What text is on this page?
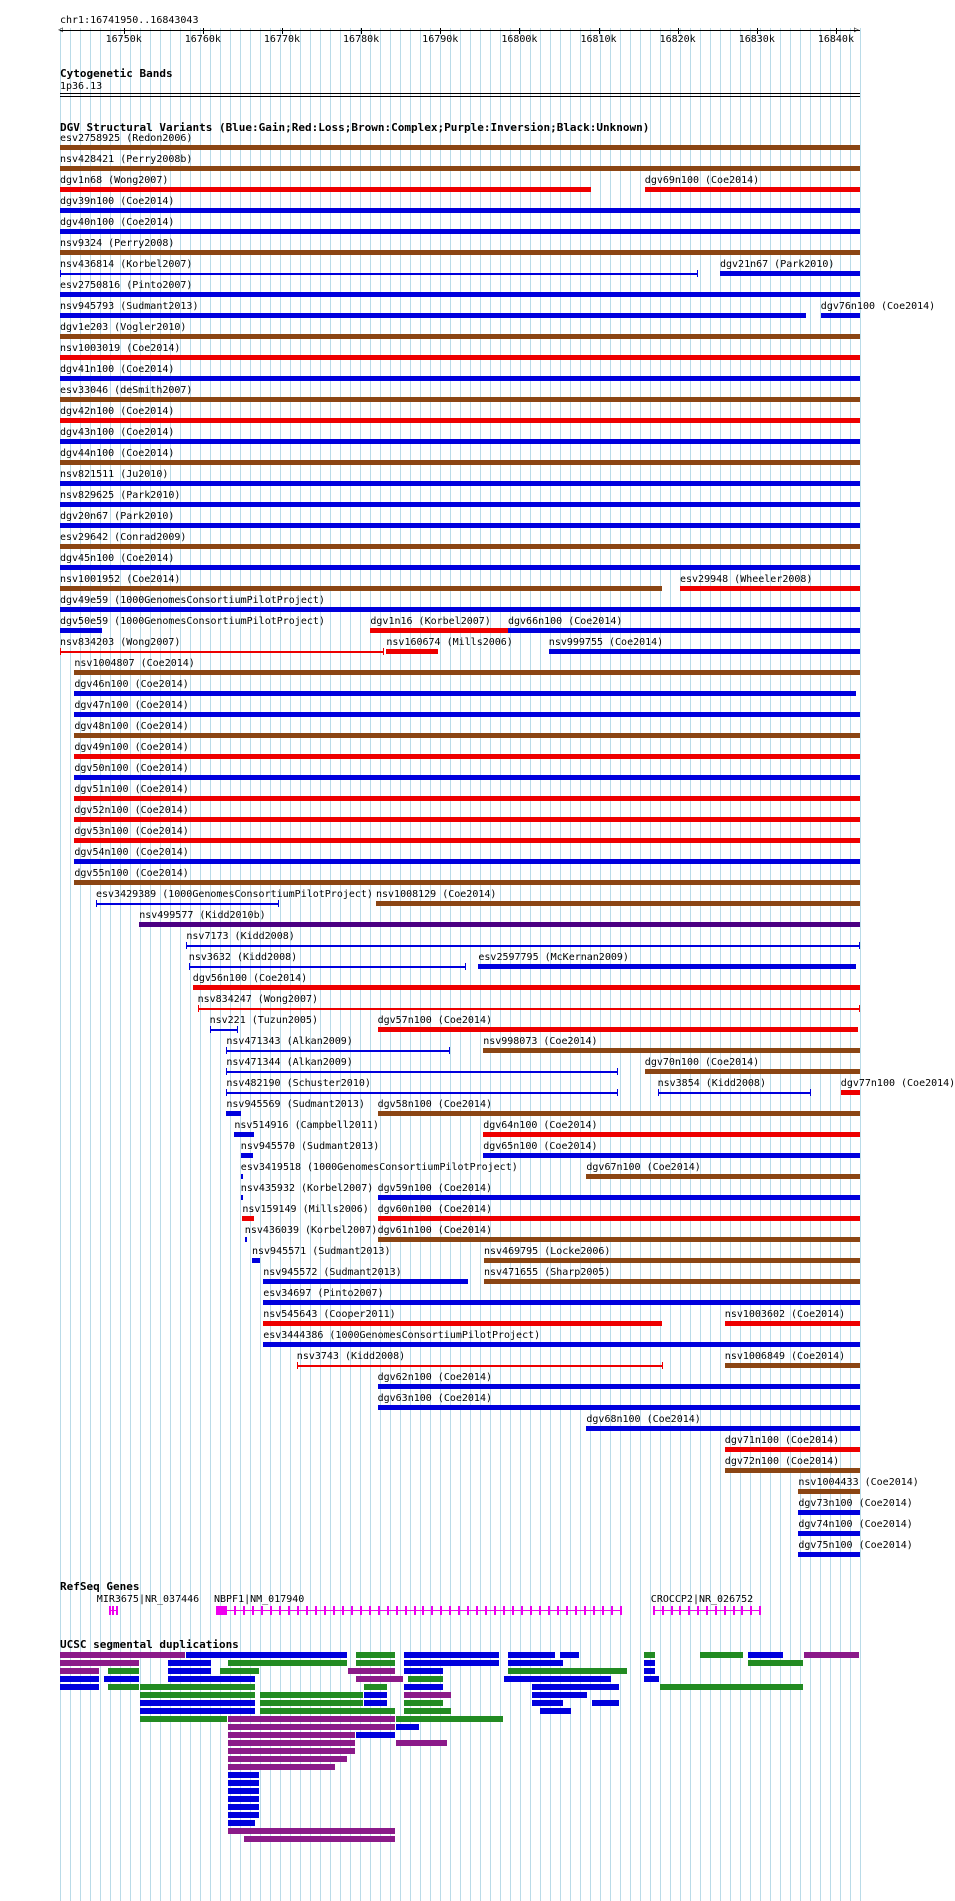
chr1:16741950..16843043
◁	▷
16750k	16760k	16770k	16780k	16790k	16800k	16810k	16820k	16830k	16840k
Cytogenetic Bands
1p36.13
DGV Structural Variants (Blue:Gain;Red:Loss;Brown:Complex;Purple:Inversion;Black:Unknown)
esv2758925 (Redon2006)
nsv428421 (Perry2008b)
dgv1n68 (Wong2007)	dgv69n100 (Coe2014)
dgv39n100 (Coe2014)
dgv40n100 (Coe2014)
nsv9324 (Perry2008)
nsv436814 (Korbel2007)	dgv21n67 (Park2010)
esv2750816 (Pinto2007)
nsv945793 (Sudmant2013)	dgv76n100 (Coe2014)
dgv1e203 (Vogler2010)
nsv1003019 (Coe2014)
dgv41n100 (Coe2014)
esv33046 (deSmith2007)
dgv42n100 (Coe2014)
dgv43n100 (Coe2014)
dgv44n100 (Coe2014)
nsv821511 (Ju2010)
nsv829625 (Park2010)
dgv20n67 (Park2010)
esv29642 (Conrad2009)
dgv45n100 (Coe2014)
nsv1001952 (Coe2014)	esv29948 (Wheeler2008)
dgv49e59 (1000GenomesConsortiumPilotProject)
dgv50e59 (1000GenomesConsortiumPilotProject)	dgv1n16 (Korbel2007) dgv66n100 (Coe2014)
nsv834203 (Wong2007)	nsv160674 (Mills2006)	nsv999755 (Coe2014)
nsv1004807 (Coe2014)
dgv46n100 (Coe2014)
dgv47n100 (Coe2014)
dgv48n100 (Coe2014)
dgv49n100 (Coe2014)
dgv50n100 (Coe2014)
dgv51n100 (Coe2014)
dgv52n100 (Coe2014)
dgv53n100 (Coe2014)
dgv54n100 (Coe2014)
dgv55n100 (Coe2014)
esv3429389 (1000GenomesConsortiumPilotProject) nsv1008129 (Coe2014)
nsv499577 (Kidd2010b)
nsv7173 (Kidd2008)
nsv3632 (Kidd2008)	esv2597795 (McKernan2009)
dgv56n100 (Coe2014)
nsv834247 (Wong2007)
nsv221 (Tuzun2005)	dgv57n100 (Coe2014)
nsv471343 (Alkan2009)	nsv998073 (Coe2014)
nsv471344 (Alkan2009)	dgv70n100 (Coe2014)
nsv482190 (Schuster2010)	nsv3854 (Kidd2008)	dgv77n100 (Coe2014)
nsv945569 (Sudmant2013) dgv58n100 (Coe2014)
nsv514916 (Campbell2011)	dgv64n100 (Coe2014)
nsv945570 (Sudmant2013)	dgv65n100 (Coe2014)
esv3419518 (1000GenomesConsortiumPilotProject)	dgv67n100 (Coe2014)
nsv435932 (Korbel2007) dgv59n100 (Coe2014)
nsv159149 (Mills2006) dgv60n100 (Coe2014)
nsv436039 (Korbel2007) dgv61n100 (Coe2014)
nsv945571 (Sudmant2013)	nsv469795 (Locke2006)
nsv945572 (Sudmant2013)	nsv471655 (Sharp2005)
esv34697 (Pinto2007)
nsv545643 (Cooper2011)	nsv1003602 (Coe2014)
esv3444386 (1000GenomesConsortiumPilotProject)
nsv3743 (Kidd2008)	nsv1006849 (Coe2014)
dgv62n100 (Coe2014)
dgv63n100 (Coe2014)
dgv68n100 (Coe2014)
dgv71n100 (Coe2014)
dgv72n100 (Coe2014)
nsv1004433 (Coe2014)
dgv73n100 (Coe2014)
dgv74n100 (Coe2014)
dgv75n100 (Coe2014)
RefSeq Genes
MIR3675|NR_037446 NBPF1|NM_017940	CROCCP2|NR_026752
UCSC segmental duplications
